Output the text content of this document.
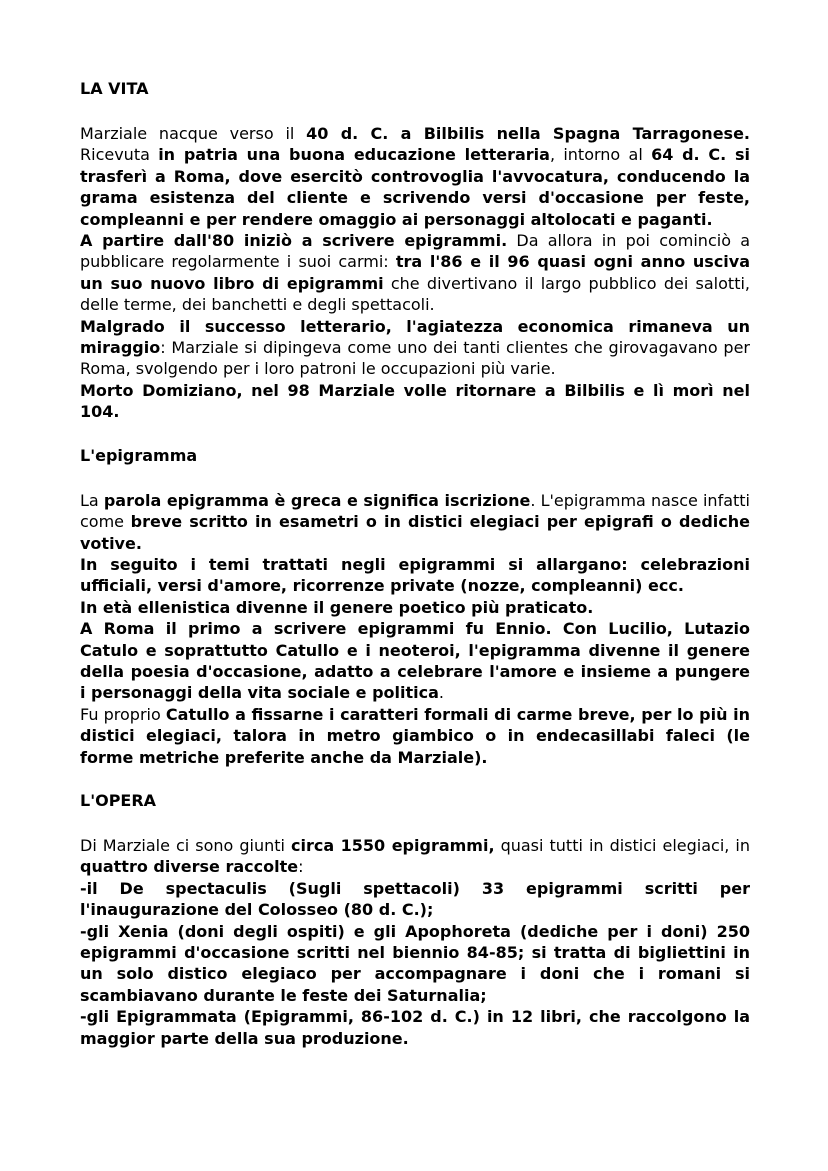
LA VITA

Marziale nacque verso il 40 d. C. a Bilbilis nella Spagna Tarragonese. Ricevuta in patria una buona educazione letteraria, intorno al 64 d. C. si trasferì a Roma, dove esercitò controvoglia l'avvocatura, conducendo la grama esistenza del cliente e scrivendo versi d'occasione per feste, compleanni e per rendere omaggio ai personaggi altolocati e paganti.

A partire dall'80 iniziò a scrivere epigrammi. Da allora in poi cominciò a pubblicare regolarmente i suoi carmi: tra l'86 e il 96 quasi ogni anno usciva un suo nuovo libro di epigrammi che divertivano il largo pubblico dei salotti, delle terme, dei banchetti e degli spettacoli.

Malgrado il successo letterario, l'agiatezza economica rimaneva un miraggio: Marziale si dipingeva come uno dei tanti clientes che girovagavano per Roma, svolgendo per i loro patroni le occupazioni più varie.

Morto Domiziano, nel 98 Marziale volle ritornare a Bilbilis e lì morì nel 104.

L'epigramma

La parola epigramma è greca e significa iscrizione. L'epigramma nasce infatti come breve scritto in esametri o in distici elegiaci per epigrafi o dediche votive.

In seguito i temi trattati negli epigrammi si allargano: celebrazioni ufficiali, versi d'amore, ricorrenze private (nozze, compleanni) ecc.

In età ellenistica divenne il genere poetico più praticato.

A Roma il primo a scrivere epigrammi fu Ennio. Con Lucilio, Lutazio Catulo e soprattutto Catullo e i neoteroi, l'epigramma divenne il genere della poesia d'occasione, adatto a celebrare l'amore e insieme a pungere i personaggi della vita sociale e politica.

Fu proprio Catullo a fissarne i caratteri formali di carme breve, per lo più in distici elegiaci, talora in metro giambico o in endecasillabi faleci (le forme metriche preferite anche da Marziale).

L'OPERA

Di Marziale ci sono giunti circa 1550 epigrammi, quasi tutti in distici elegiaci, in quattro diverse raccolte:

-il De spectaculis (Sugli spettacoli) 33 epigrammi scritti per l'inaugurazione del Colosseo (80 d. C.);

-gli Xenia (doni degli ospiti) e gli Apophoreta (dediche per i doni) 250 epigrammi d'occasione scritti nel biennio 84-85; si tratta di bigliettini in un solo distico elegiaco per accompagnare i doni che i romani si scambiavano durante le feste dei Saturnalia;

-gli Epigrammata (Epigrammi, 86-102 d. C.) in 12 libri, che raccolgono la maggior parte della sua produzione.
